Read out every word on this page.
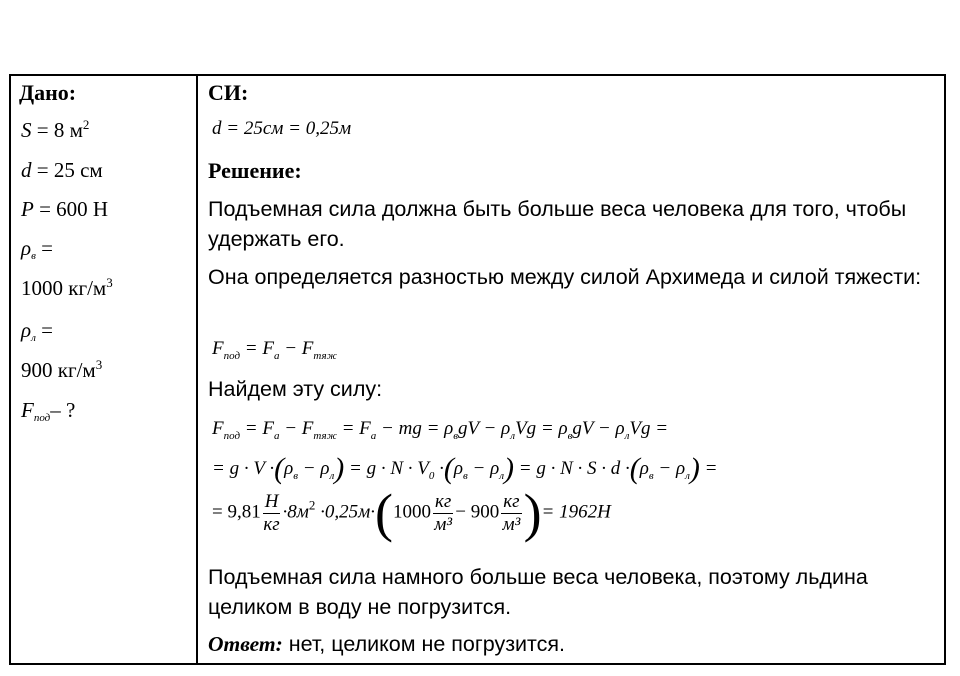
Дано:
S = 8 $м^2$
d = 25 см
P = 600 Н
$\rho_в$ =
1000 $кг/м^3$
$\rho_л$ =
900 $кг/м^3$
$F_{под}-$ ?
СИ:
d = 25см = 0,25м
Решение:
Подъемная сила должна быть больше веса человека для того, чтобы удержать его.
Она определяется разностью между силой Архимеда и силой тяжести:
$F_{под} = F_a - F_{тяж}$
Найдем эту силу:
$F_{под} = F_a - F_{тяж} = F_a$ − mg = $\rho_вgV - \rho_лVg = \rho_вgV - \rho_лVg$ =
= $g \cdot V \cdot(\rho_в - \rho_л) = g \cdot N \cdot V_0 \cdot(\rho_в - \rho_л) = g \cdot N \cdot S \cdot d \cdot(\rho_в - \rho_л)$ =
= $9,81 \frac{Н}{кг} \cdot 8м^2 \cdot 0,25м\cdot(1000 \frac{кг}{\text{м³}} - 900 \frac{кг}{\text{м³}}$ )= 1962Н
Подъемная сила намного больше веса человека, поэтому льдина целиком в воду не погрузится.
Ответ: нет, целиком не погрузится.
